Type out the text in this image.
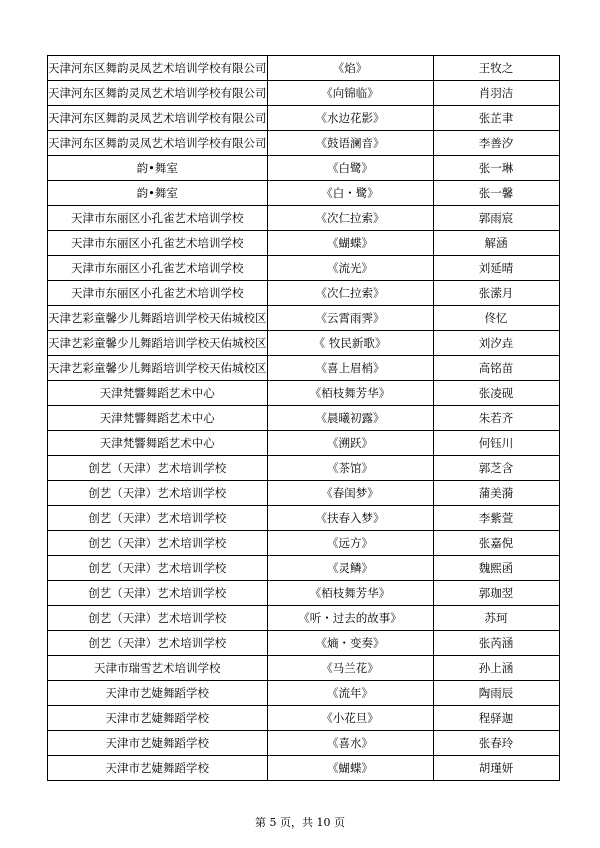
天津河东区舞韵灵凤艺术培训学校有限公司	《焰》	王牧之
天津河东区舞韵灵凤艺术培训学校有限公司	《向锦临》	肖羽洁
天津河东区舞韵灵凤艺术培训学校有限公司	《水边花影》	张芷聿
天津河东区舞韵灵凤艺术培训学校有限公司	《鼓语澜音》	李善汐
韵•舞室	《白鹭》	张一琳
韵•舞室	《白・鹭》	张一馨
天津市东丽区小孔雀艺术培训学校	《次仁拉索》	郭雨宸
天津市东丽区小孔雀艺术培训学校	《蝴蝶》	解涵
天津市东丽区小孔雀艺术培训学校	《流光》	刘延晴
天津市东丽区小孔雀艺术培训学校	《次仁拉索》	张潆月
天津艺彩童馨少儿舞蹈培训学校天佑城校区	《云霄雨霁》	佟忆
天津艺彩童馨少儿舞蹈培训学校天佑城校区	《 牧民新歌》	刘汐垚
天津艺彩童馨少儿舞蹈培训学校天佑城校区	《喜上眉梢》	高铭苗
天津梵響舞蹈艺术中心	《栢枝舞芳华》	张凌砚
天津梵響舞蹈艺术中心	《晨曦初露》	朱若齐
天津梵響舞蹈艺术中心	《溯跃》	何钰川
创艺（天津）艺术培训学校	《茶馆》	郭芝含
创艺（天津）艺术培训学校	《春闺梦》	蒲美漪
创艺（天津）艺术培训学校	《扶春入梦》	李紫萱
创艺（天津）艺术培训学校	《远方》	张嘉倪
创艺（天津）艺术培训学校	《灵鳞》	魏熙函
创艺（天津）艺术培训学校	《栢枝舞芳华》	郭珈翌
创艺（天津）艺术培训学校	《听・过去的故事》	苏珂
创艺（天津）艺术培训学校	《熵・变奏》	张芮涵
天津市瑞雪艺术培训学校	《马兰花》	孙上涵
天津市艺婕舞蹈学校	《流年》	陶雨辰
天津市艺婕舞蹈学校	《小花旦》	程驿迦
天津市艺婕舞蹈学校	《喜水》	张春玲
天津市艺婕舞蹈学校	《蝴蝶》	胡瑾妍
第 5 页，共 10 页
